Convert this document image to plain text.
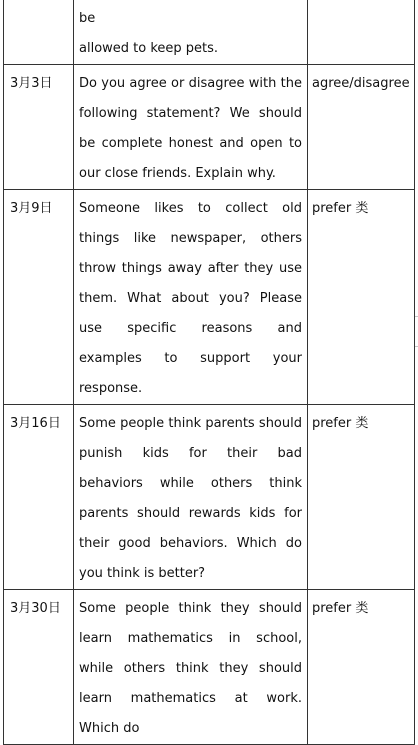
	be
allowed to keep pets.	

3月3日	Do you agree or disagree with the following statement? We should be complete honest and open to our close friends. Explain why.	agree/disagree
3月9日	Someone likes to collect old things like newspaper, others throw things away after they use them. What about you? Please use specific reasons and examples to support your response.	prefer 类
3月16日	Some people think parents should punish kids for their bad behaviors while others think parents should rewards kids for their good behaviors. Which do you think is better?	prefer 类
3月30日	Some people think they should learn mathematics in school, while others think they should learn mathematics at work. Which do	prefer 类
